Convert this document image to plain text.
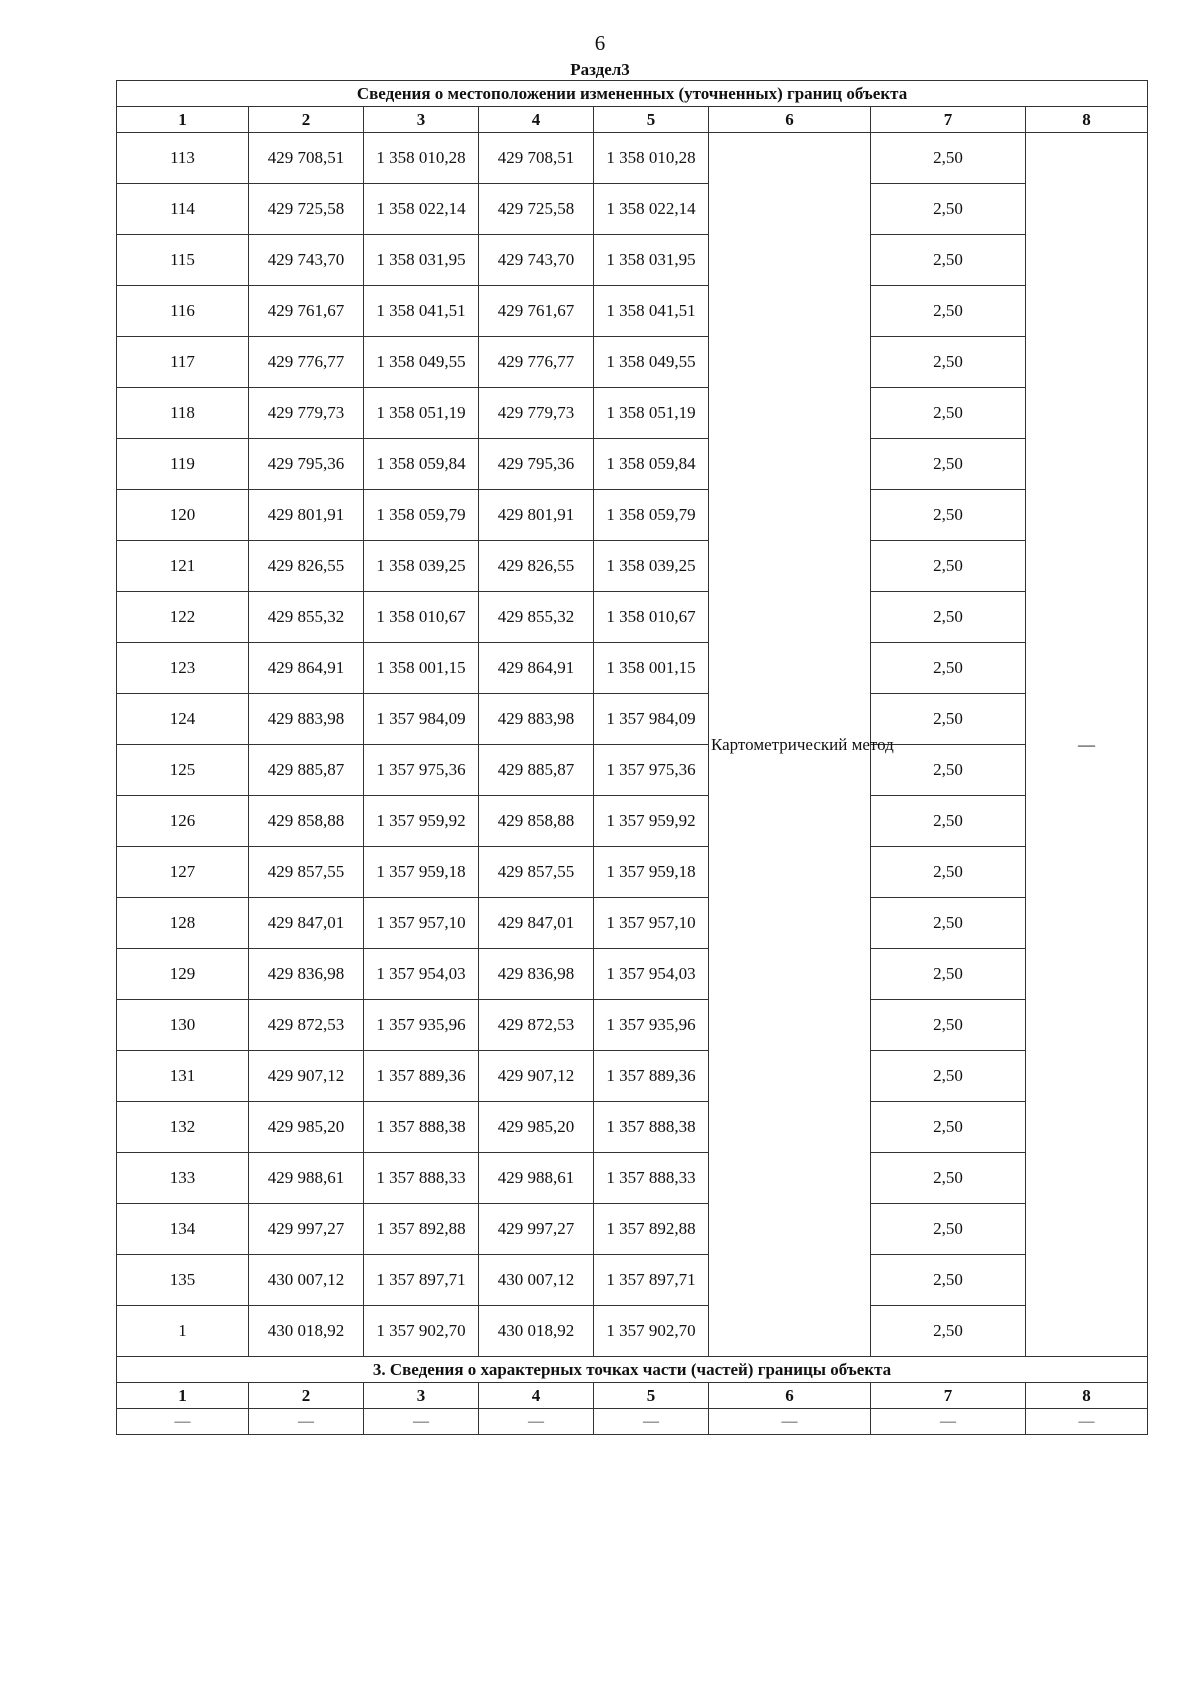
6
Раздел3
Сведения о местоположении измененных (уточненных) границ объекта							
1	2	3	4	5	6	7	8
113	429 708,51	1 358 010,28	429 708,51	1 358 010,28	Картометрический метод	2,50	—
114	429 725,58	1 358 022,14	429 725,58	1 358 022,14		2,50	
115	429 743,70	1 358 031,95	429 743,70	1 358 031,95		2,50	
116	429 761,67	1 358 041,51	429 761,67	1 358 041,51		2,50	
117	429 776,77	1 358 049,55	429 776,77	1 358 049,55		2,50	
118	429 779,73	1 358 051,19	429 779,73	1 358 051,19		2,50	
119	429 795,36	1 358 059,84	429 795,36	1 358 059,84		2,50	
120	429 801,91	1 358 059,79	429 801,91	1 358 059,79		2,50	
121	429 826,55	1 358 039,25	429 826,55	1 358 039,25		2,50	
122	429 855,32	1 358 010,67	429 855,32	1 358 010,67		2,50	
123	429 864,91	1 358 001,15	429 864,91	1 358 001,15		2,50	
124	429 883,98	1 357 984,09	429 883,98	1 357 984,09		2,50	
125	429 885,87	1 357 975,36	429 885,87	1 357 975,36		2,50	
126	429 858,88	1 357 959,92	429 858,88	1 357 959,92		2,50	
127	429 857,55	1 357 959,18	429 857,55	1 357 959,18		2,50	
128	429 847,01	1 357 957,10	429 847,01	1 357 957,10		2,50	
129	429 836,98	1 357 954,03	429 836,98	1 357 954,03		2,50	
130	429 872,53	1 357 935,96	429 872,53	1 357 935,96		2,50	
131	429 907,12	1 357 889,36	429 907,12	1 357 889,36		2,50	
132	429 985,20	1 357 888,38	429 985,20	1 357 888,38		2,50	
133	429 988,61	1 357 888,33	429 988,61	1 357 888,33		2,50	
134	429 997,27	1 357 892,88	429 997,27	1 357 892,88		2,50	
135	430 007,12	1 357 897,71	430 007,12	1 357 897,71		2,50	
1	430 018,92	1 357 902,70	430 018,92	1 357 902,70		2,50	
3. Сведения о характерных точках части (частей) границы объекта							
1	2	3	4	5	6	7	8
—	—	—	—	—	—	—	—
